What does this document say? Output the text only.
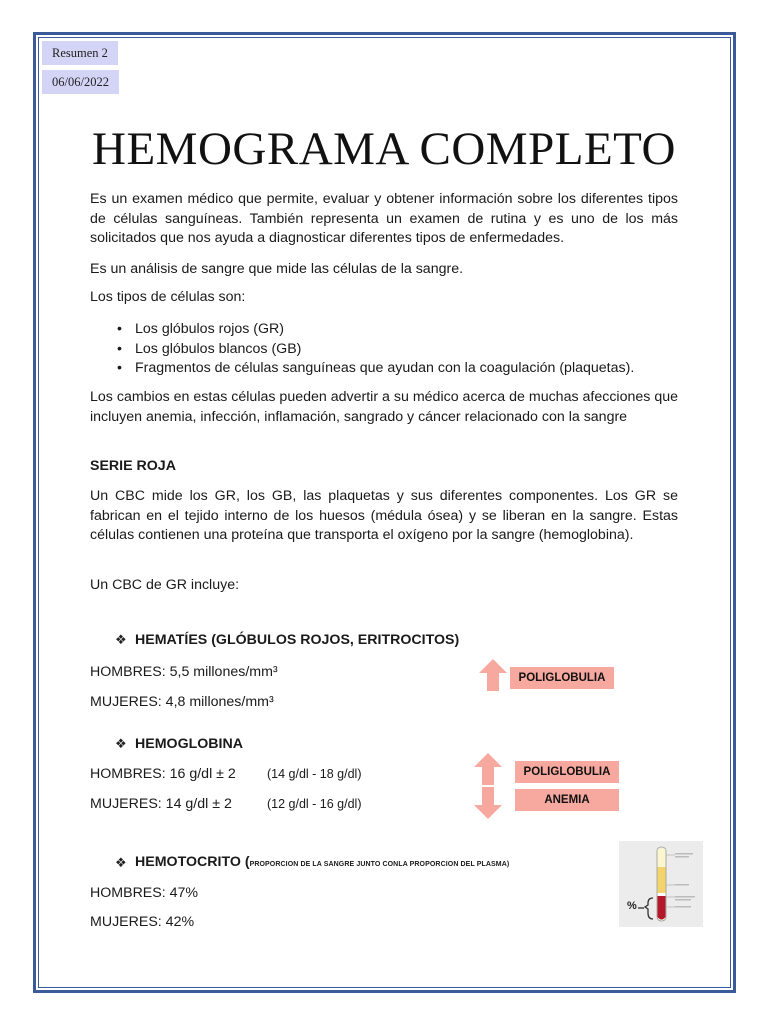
Resumen 2
06/06/2022
HEMOGRAMA COMPLETO

Es un examen médico que permite, evaluar y obtener información sobre los diferentes tipos de células sanguíneas. También representa un examen de rutina y es uno de los más solicitados que nos ayuda a diagnosticar diferentes tipos de enfermedades.

Es un análisis de sangre que mide las células de la sangre.

Los tipos de células son:

• Los glóbulos rojos (GR)
• Los glóbulos blancos (GB)
• Fragmentos de células sanguíneas que ayudan con la coagulación (plaquetas).

Los cambios en estas células pueden advertir a su médico acerca de muchas afecciones que incluyen anemia, infección, inflamación, sangrado y cáncer relacionado con la sangre

SERIE ROJA

Un CBC mide los GR, los GB, las plaquetas y sus diferentes componentes. Los GR se fabrican en el tejido interno de los huesos (médula ósea) y se liberan en la sangre. Estas células contienen una proteína que transporta el oxígeno por la sangre (hemoglobina).

Un CBC de GR incluye:

❖ HEMATÍES (GLÓBULOS ROJOS, ERITROCITOS)
HOMBRES: 5,5 millones/mm³
MUJERES: 4,8 millones/mm³
POLIGLOBULIA
❖ HEMOGLOBINA
HOMBRES: 16 g/dl ± 2 (14 g/dl - 18 g/dl)
MUJERES: 14 g/dl ± 2	(12 g/dl - 16 g/dl)
POLIGLOBULIA
ANEMIA
❖ HEMOTOCRITO (PROPORCION DE LA SANGRE JUNTO CONLA PROPORCION DEL PLASMA)
HOMBRES: 47%
MUJERES: 42%
%
